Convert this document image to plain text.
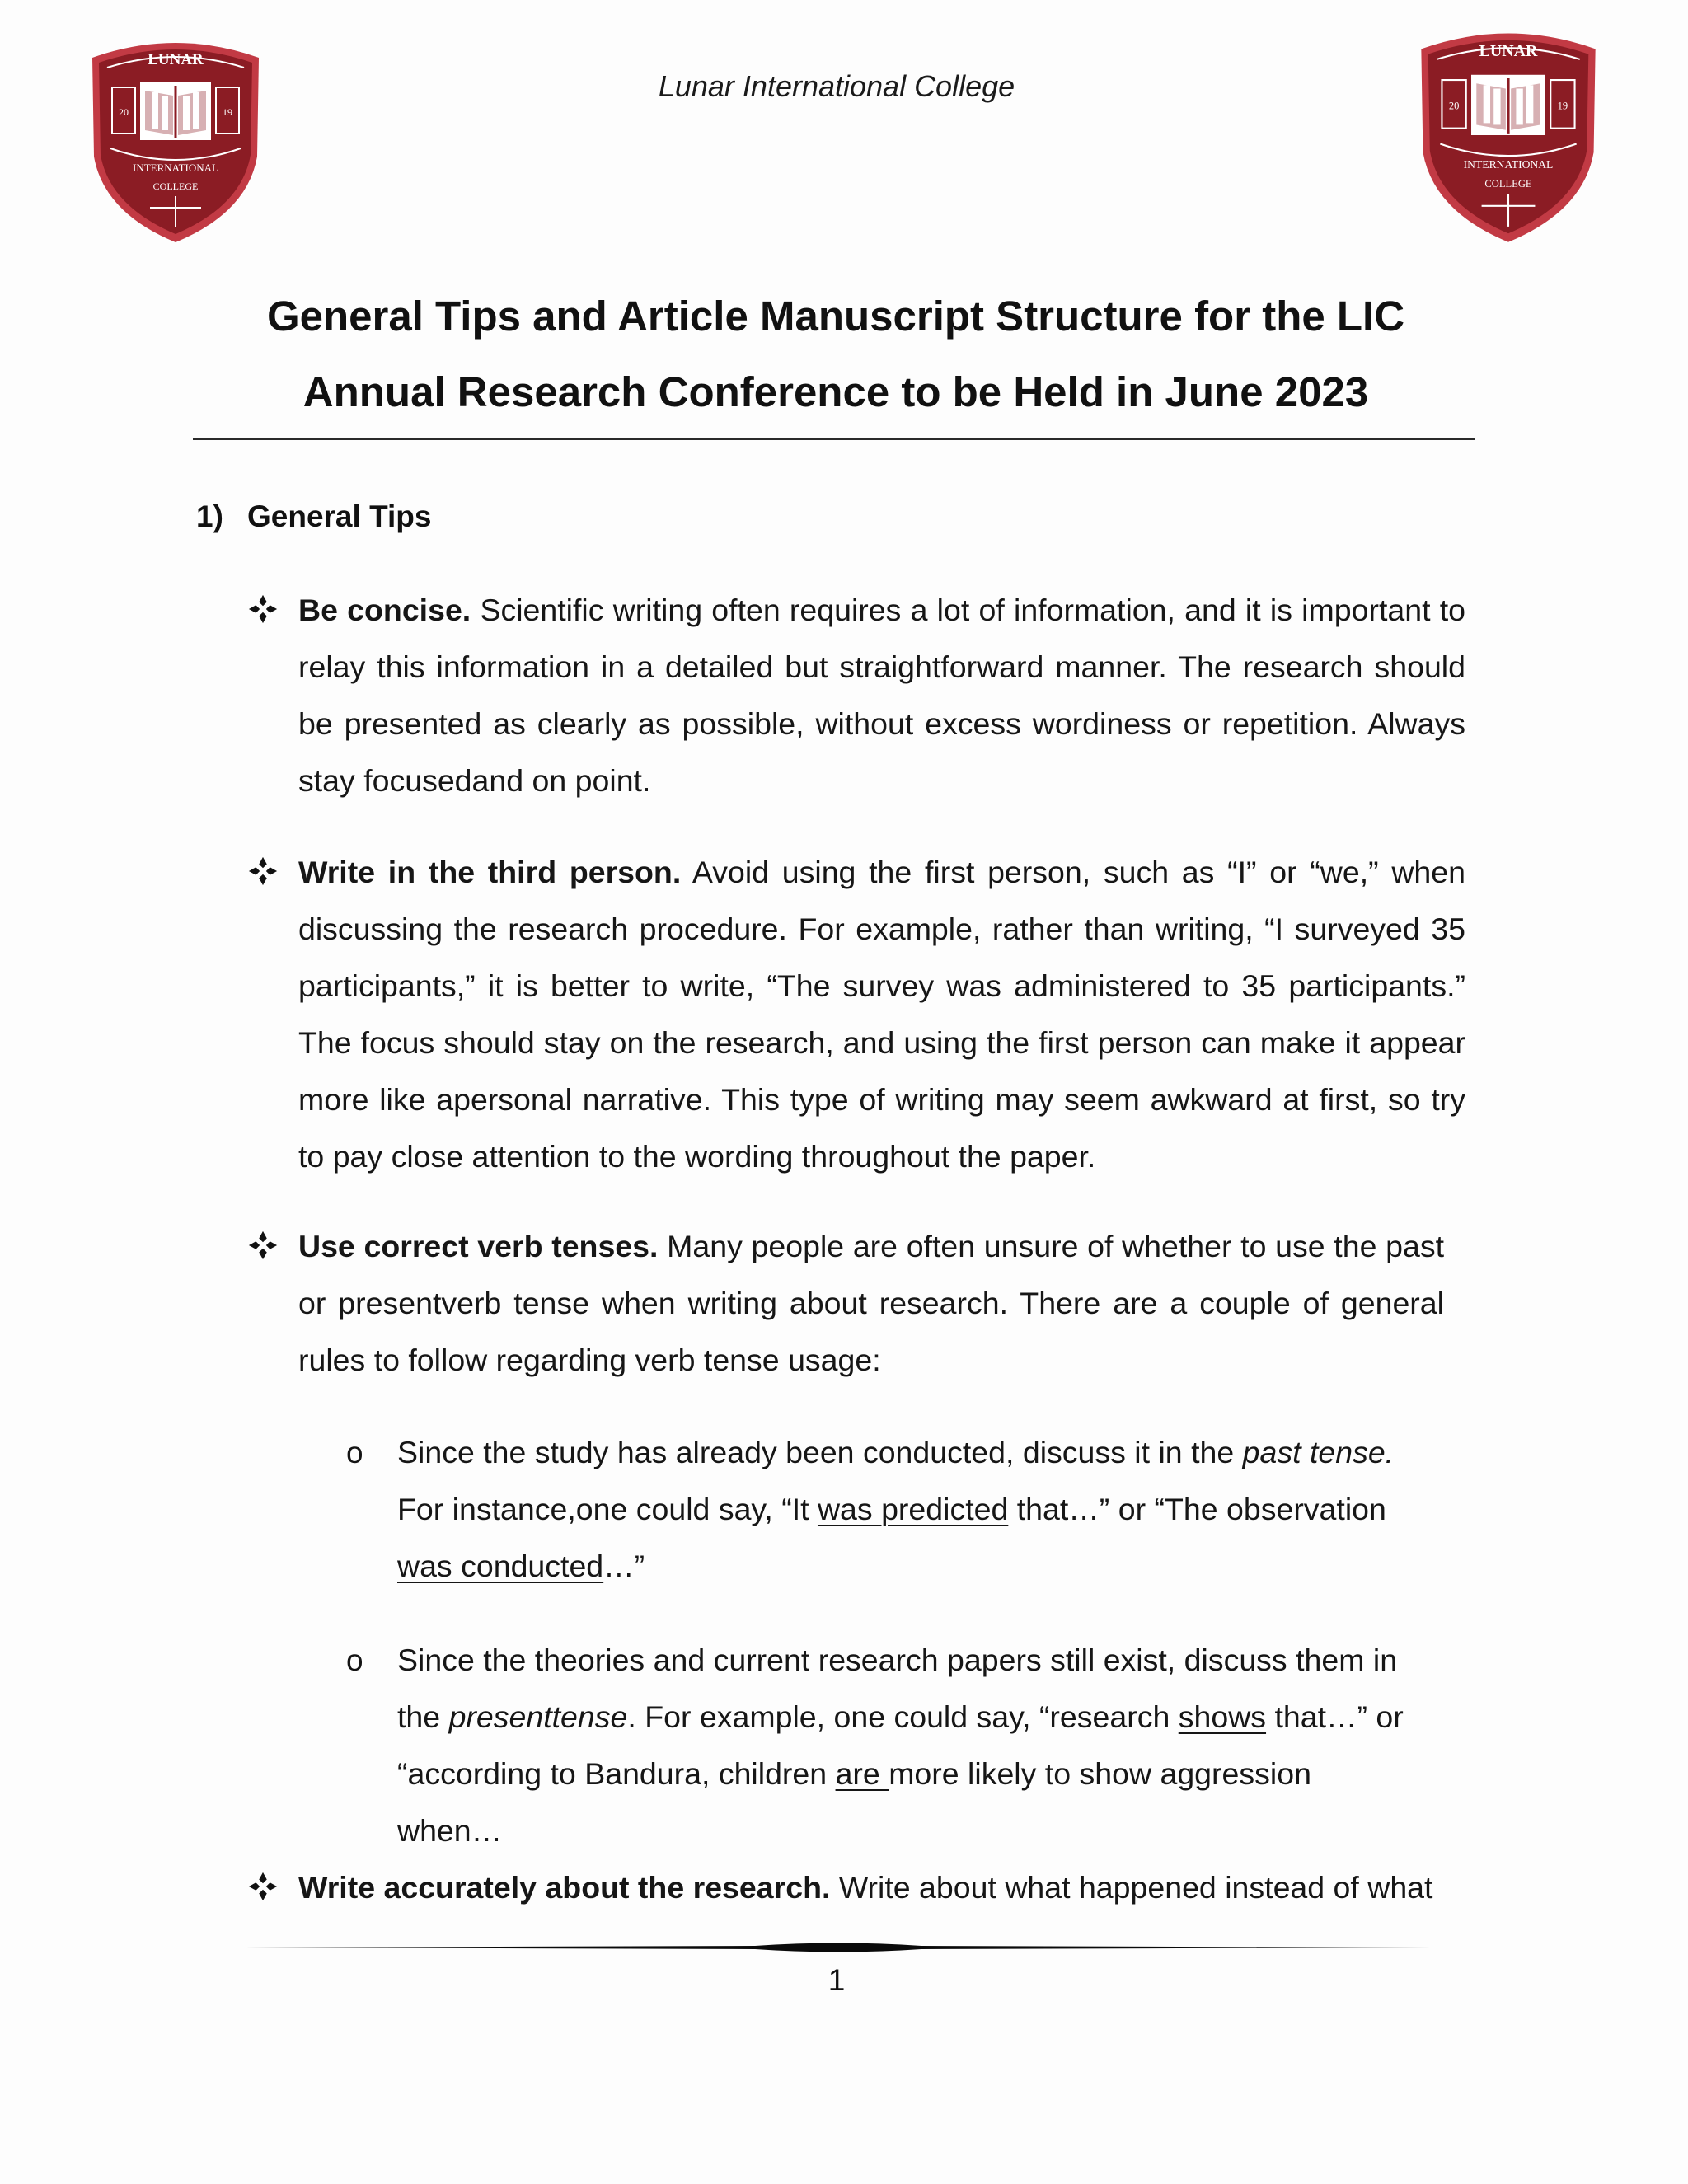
LUNAR
20	19
INTERNATIONAL
COLLEGE
LUNAR
20	19
INTERNATIONAL
COLLEGE
Lunar International College
General Tips and Article Manuscript Structure for the LIC
Annual Research Conference to be Held in June 2023
1) General Tips
Be concise. Scientific writing often requires a lot of information, and it is important to relay this information in a detailed but straightforward manner. The research should be presented as clearly as possible, without excess wordiness or repetition. Always stay focusedand on point.
Write in the third person. Avoid using the first person, such as “I” or “we,” when discussing the research procedure. For example, rather than writing, “I surveyed 35 participants,” it is better to write, “The survey was administered to 35 participants.” The focus should stay on the research, and using the first person can make it appear more like apersonal narrative. This type of writing may seem awkward at first, so try to pay close attention to the wording throughout the paper.
Use correct verb tenses. Many people are often unsure of whether to use the past or presentverb tense when writing about research. There are a couple of general rules to follow regarding verb tense usage:
o Since the study has already been conducted, discuss it in the past tense. For instance,one could say, “It was predicted that…” or “The observation was conducted…”
o Since the theories and current research papers still exist, discuss them in the presenttense. For example, one could say, “research shows that…” or “according to Bandura, children are more likely to show aggression when…
Write accurately about the research. Write about what happened instead of what
1
